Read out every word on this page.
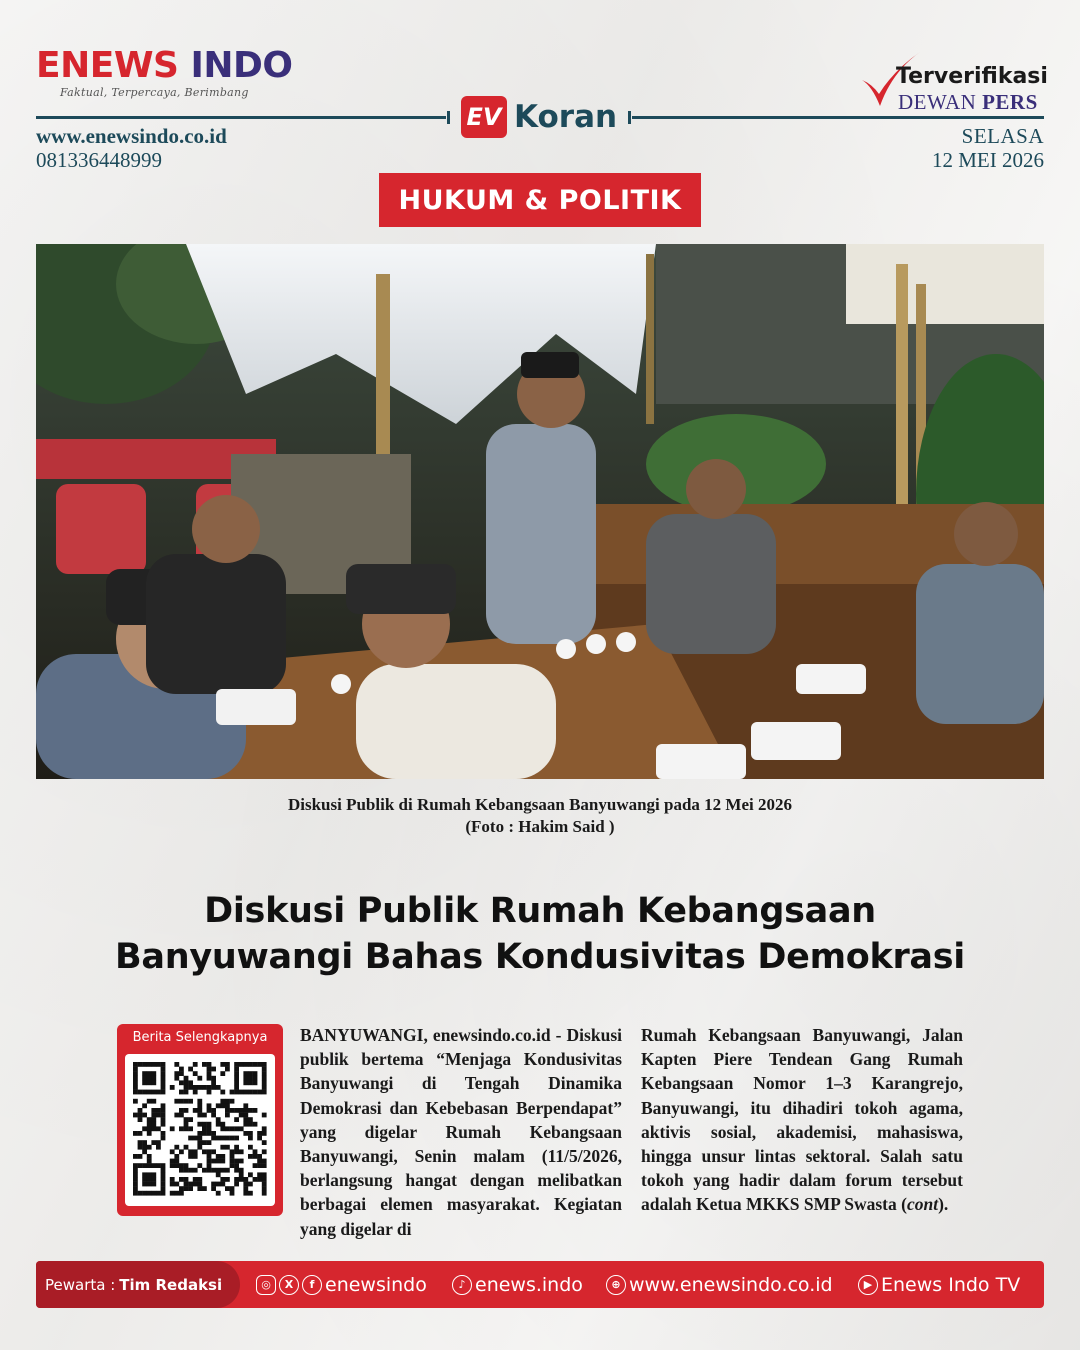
ENEWS INDO
Faktual, Terpercaya, Berimbang
www.enewsindo.co.id
081336448999
EV Koran
Terverifikasi
DEWAN PERS
SELASA
12 MEI 2026
HUKUM & POLITIK
Diskusi Publik di Rumah Kebangsaan Banyuwangi pada 12 Mei 2026
(Foto : Hakim Said )
Diskusi Publik Rumah Kebangsaan
Banyuwangi Bahas Kondusivitas Demokrasi
Berita Selengkapnya	BANYUWANGI, enewsindo.co.id - Diskusi publik bertema “Menjaga Kondusivitas Banyuwangi di Tengah Dinamika Demokrasi dan Kebebasan Berpendapat” yang digelar Rumah Kebangsaan Banyuwangi, Senin malam (11/5/2026, berlangsung hangat dengan melibatkan berbagai elemen masyarakat. Kegiatan yang digelar di
Rumah Kebangsaan Banyuwangi, Jalan Kapten Piere Tendean Gang Rumah Kebangsaan Nomor 1–3 Karangrejo, Banyuwangi, itu dihadiri tokoh agama, aktivis sosial, akademisi, mahasiswa, hingga unsur lintas sektoral. Salah satu tokoh yang hadir dalam forum tersebut adalah Ketua MKKS SMP Swasta (cont).
Pewarta : Tim Redaksi	◎	X	f enewsindo	♪ enews.indo	⊕ www.enewsindo.co.id	▶ Enews Indo TV
